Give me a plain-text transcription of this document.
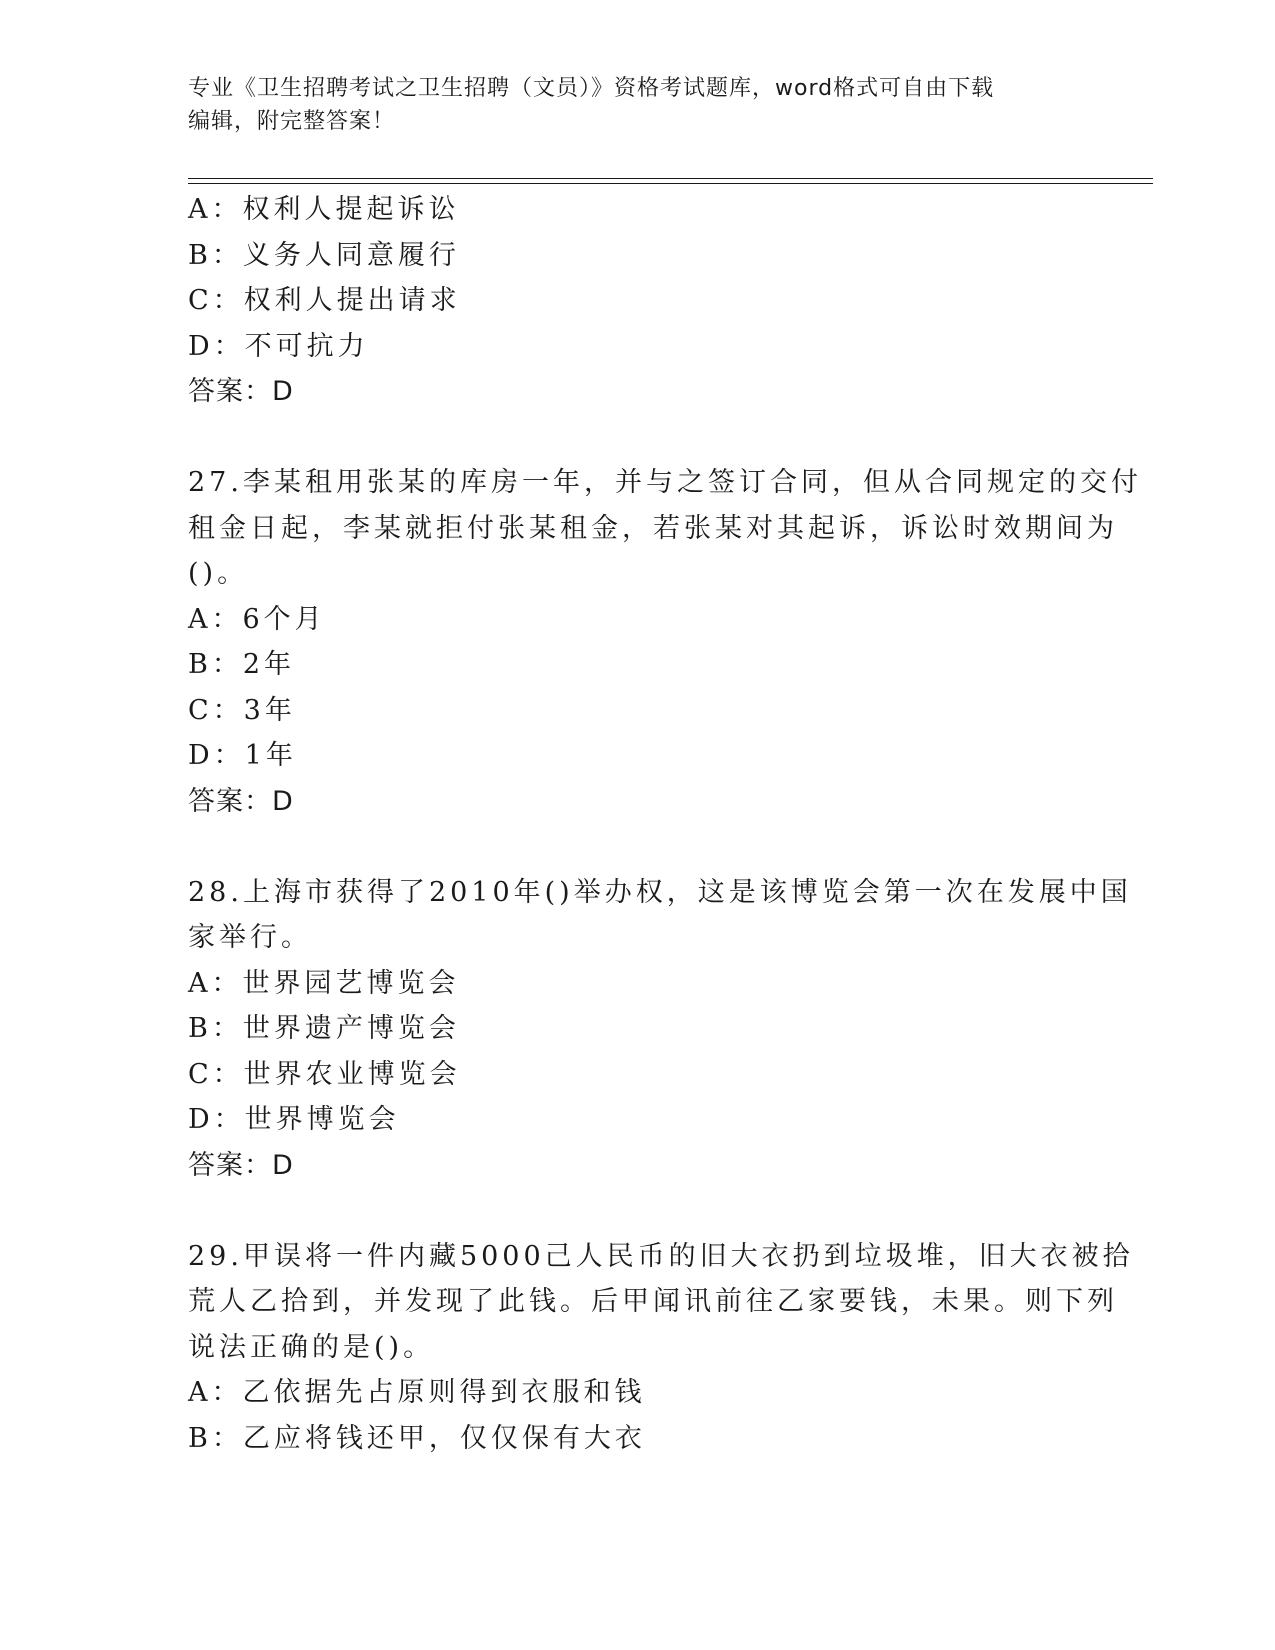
专业《卫生招聘考试之卫生招聘（文员）》资格考试题库，word格式可自由下载
编辑，附完整答案！
A：权利人提起诉讼
B：义务人同意履行
C：权利人提出请求
D：不可抗力
答案：D
27.李某租用张某的库房一年，并与之签订合同，但从合同规定的交付
租金日起，李某就拒付张某租金，若张某对其起诉，诉讼时效期间为
()。
A：6个月
B：2年
C：3年
D：1年
答案：D
28.上海市获得了2010年()举办权，这是该博览会第一次在发展中国
家举行。
A：世界园艺博览会
B：世界遗产博览会
C：世界农业博览会
D：世界博览会
答案：D
29.甲误将一件内藏5000己人民币的旧大衣扔到垃圾堆，旧大衣被拾
荒人乙拾到，并发现了此钱。后甲闻讯前往乙家要钱，未果。则下列
说法正确的是()。
A：乙依据先占原则得到衣服和钱
B：乙应将钱还甲，仅仅保有大衣
